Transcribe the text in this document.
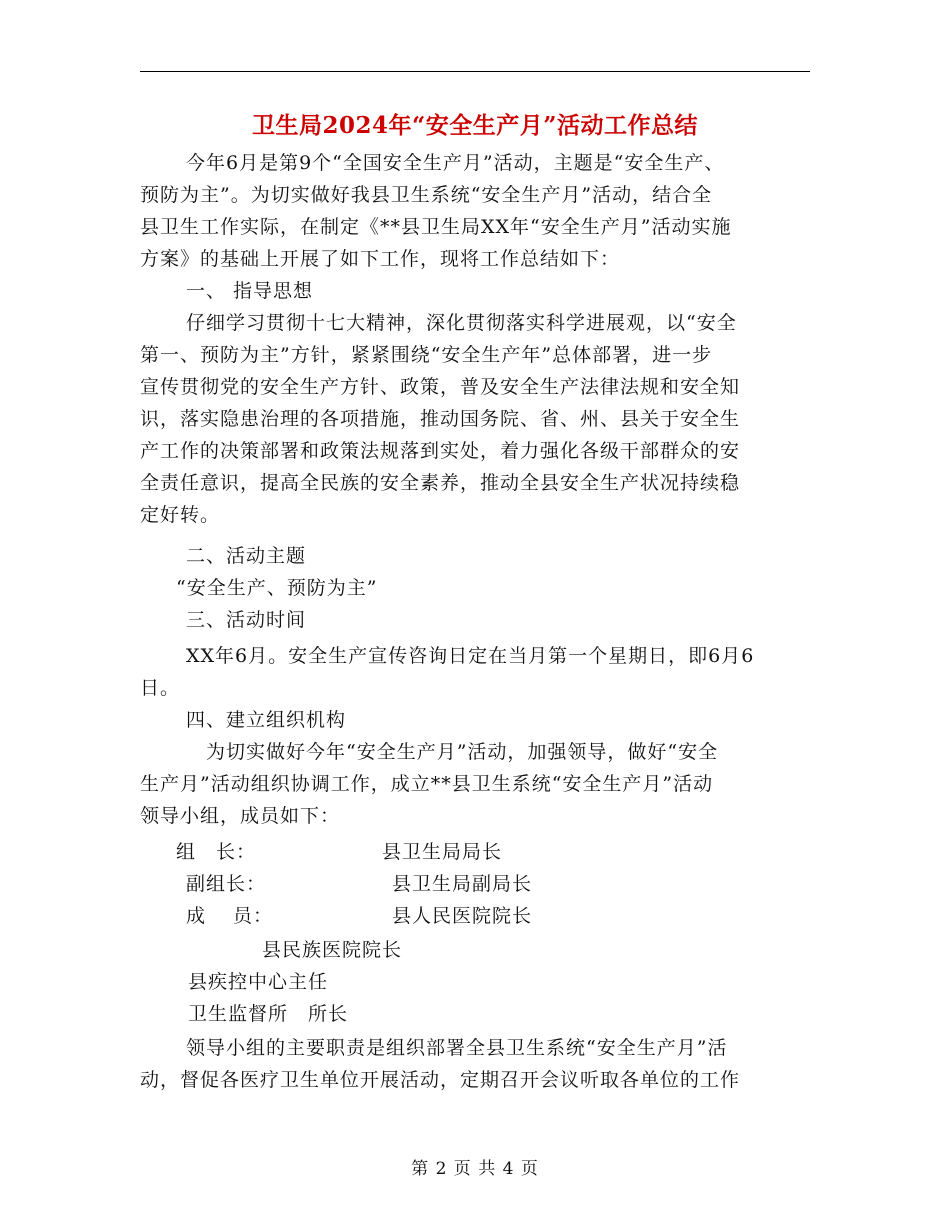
卫生局2024年“安全生产月”活动工作总结
今年6月是第9个“全国安全生产月”活动，主题是“安全生产、
预防为主”。为切实做好我县卫生系统“安全生产月”活动，结合全
县卫生工作实际，在制定《**县卫生局XX年“安全生产月”活动实施
方案》的基础上开展了如下工作，现将工作总结如下：
一、 指导思想
仔细学习贯彻十七大精神，深化贯彻落实科学进展观，以“安全
第一、预防为主”方针，紧紧围绕“安全生产年”总体部署，进一步
宣传贯彻党的安全生产方针、政策，普及安全生产法律法规和安全知
识，落实隐患治理的各项措施，推动国务院、省、州、县关于安全生
产工作的决策部署和政策法规落到实处，着力强化各级干部群众的安
全责任意识，提高全民族的安全素养，推动全县安全生产状况持续稳
定好转。
二、活动主题
“安全生产、预防为主”
三、活动时间
XX年6月。安全生产宣传咨询日定在当月第一个星期日，即6月6
日。
四、建立组织机构
为切实做好今年“安全生产月”活动，加强领导，做好“安全
生产月”活动组织协调工作，成立**县卫生系统“安全生产月”活动
领导小组，成员如下：
组　长：	县卫生局局长
副组长：	县卫生局副局长
成　 员：	县人民医院院长
县民族医院院长
县疾控中心主任
卫生监督所　所长
领导小组的主要职责是组织部署全县卫生系统“安全生产月”活
动，督促各医疗卫生单位开展活动，定期召开会议听取各单位的工作
第 2 页 共 4 页
